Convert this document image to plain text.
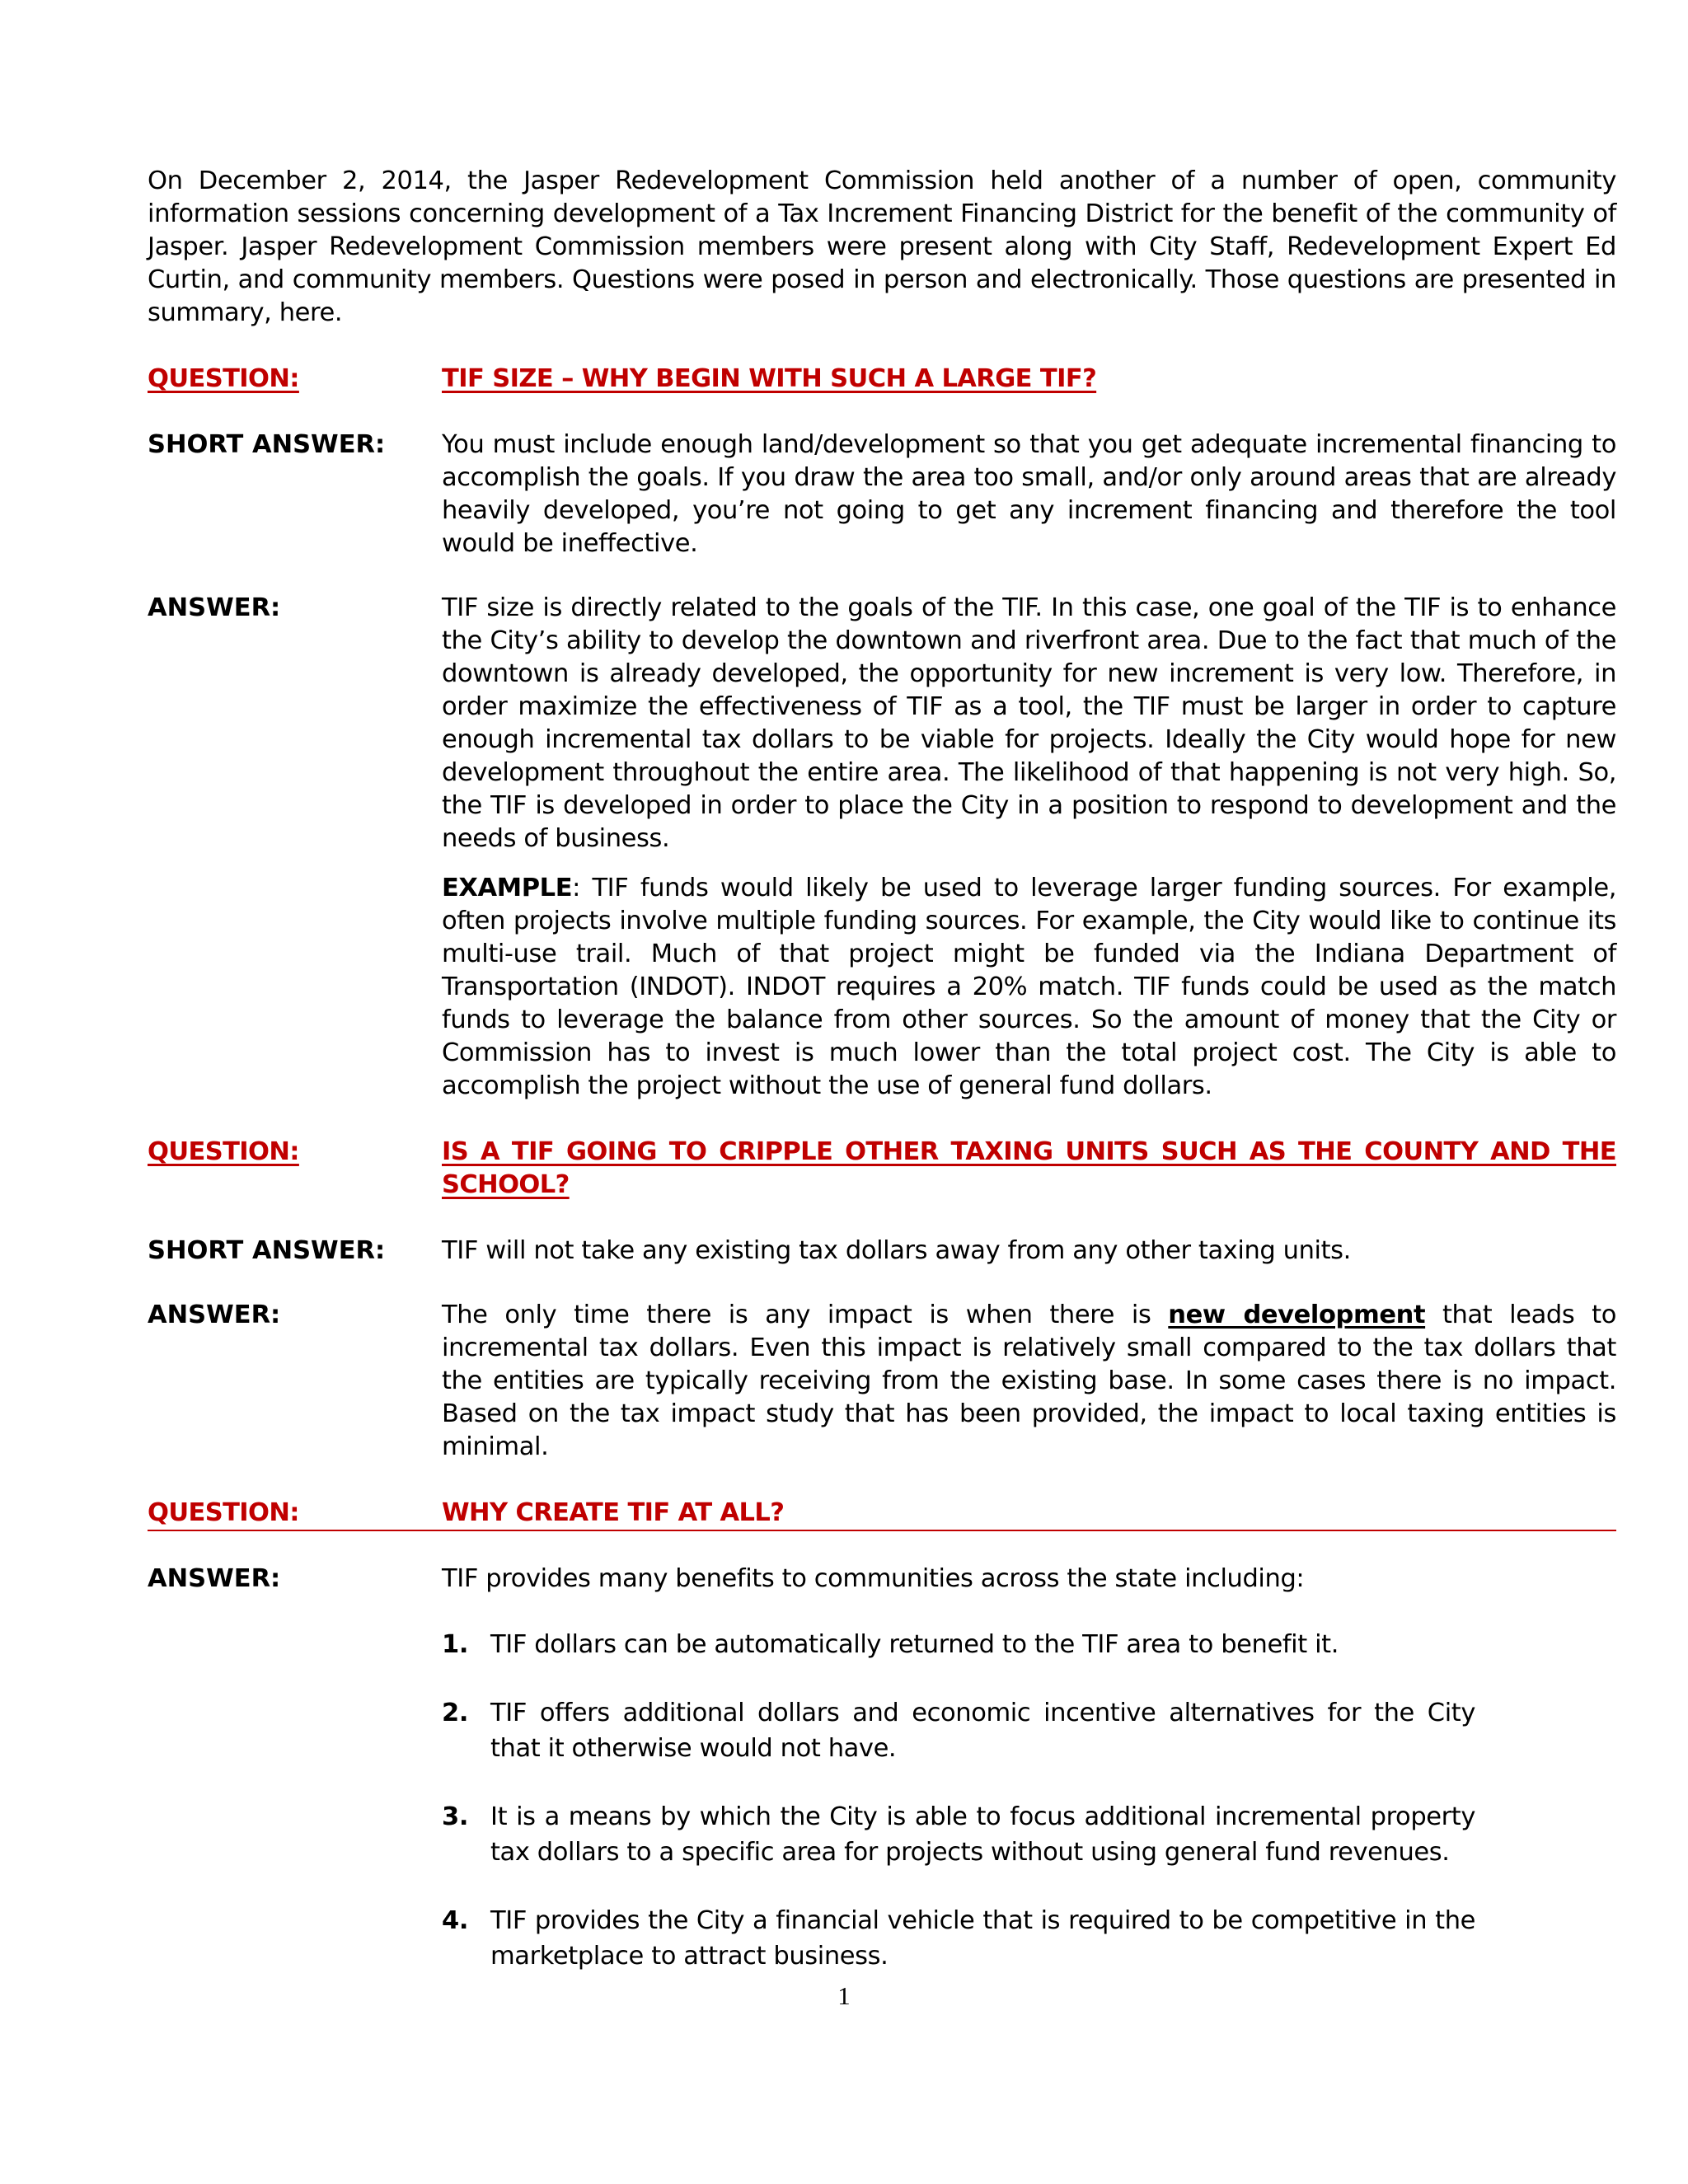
On December 2, 2014, the Jasper Redevelopment Commission held another of a number of open, community information sessions concerning development of a Tax Increment Financing District for the benefit of the community of Jasper. Jasper Redevelopment Commission members were present along with City Staff, Redevelopment Expert Ed Curtin, and community members. Questions were posed in person and electronically. Those questions are presented in summary, here.

QUESTION:	TIF SIZE – WHY BEGIN WITH SUCH A LARGE TIF?
SHORT ANSWER:	You must include enough land/development so that you get adequate incremental financing to accomplish the goals. If you draw the area too small, and/or only around areas that are already heavily developed, you’re not going to get any increment financing and therefore the tool would be ineffective.

ANSWER:	TIF size is directly related to the goals of the TIF. In this case, one goal of the TIF is to enhance the City’s ability to develop the downtown and riverfront area. Due to the fact that much of the downtown is already developed, the opportunity for new increment is very low. Therefore, in order maximize the effectiveness of TIF as a tool, the TIF must be larger in order to capture enough incremental tax dollars to be viable for projects. Ideally the City would hope for new development throughout the entire area. The likelihood of that happening is not very high. So, the TIF is developed in order to place the City in a position to respond to development and the needs of business.

EXAMPLE: TIF funds would likely be used to leverage larger funding sources. For example, often projects involve multiple funding sources. For example, the City would like to continue its multi-use trail. Much of that project might be funded via the Indiana Department of Transportation (INDOT). INDOT requires a 20% match. TIF funds could be used as the match funds to leverage the balance from other sources. So the amount of money that the City or Commission has to invest is much lower than the total project cost. The City is able to accomplish the project without the use of general fund dollars.

QUESTION:	IS A TIF GOING TO CRIPPLE OTHER TAXING UNITS SUCH AS THE COUNTY AND THE SCHOOL?
SHORT ANSWER:	TIF will not take any existing tax dollars away from any other taxing units.
ANSWER:	The only time there is any impact is when there is new development that leads to incremental tax dollars. Even this impact is relatively small compared to the tax dollars that the entities are typically receiving from the existing base. In some cases there is no impact. Based on the tax impact study that has been provided, the impact to local taxing entities is minimal.

QUESTION:	WHY CREATE TIF AT ALL?
ANSWER:	TIF provides many benefits to communities across the state including:

1. TIF dollars can be automatically returned to the TIF area to benefit it.
2. TIF offers additional dollars and economic incentive alternatives for the City that it otherwise would not have.
3. It is a means by which the City is able to focus additional incremental property tax dollars to a specific area for projects without using general fund revenues.
4. TIF provides the City a financial vehicle that is required to be competitive in the marketplace to attract business.
1
